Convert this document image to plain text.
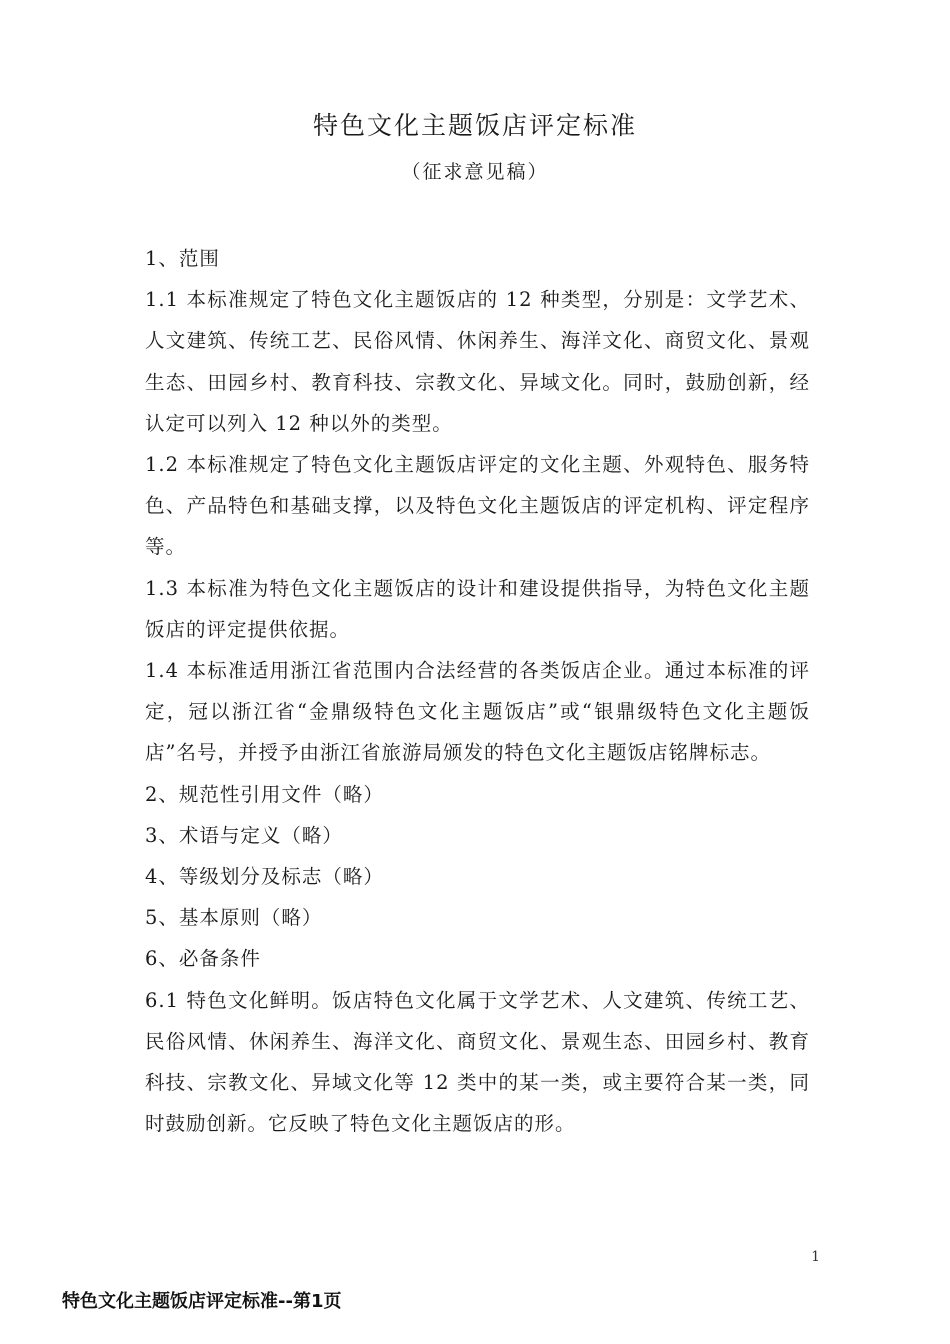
特色文化主题饭店评定标准
（征求意见稿）

1、范围

1.1 本标准规定了特色文化主题饭店的 12 种类型，分别是：文学艺术、人文建筑、传统工艺、民俗风情、休闲养生、海洋文化、商贸文化、景观生态、田园乡村、教育科技、宗教文化、异域文化。同时，鼓励创新，经认定可以列入 12 种以外的类型。

1.2 本标准规定了特色文化主题饭店评定的文化主题、外观特色、服务特色、产品特色和基础支撑，以及特色文化主题饭店的评定机构、评定程序等。

1.3 本标准为特色文化主题饭店的设计和建设提供指导，为特色文化主题饭店的评定提供依据。

1.4 本标准适用浙江省范围内合法经营的各类饭店企业。通过本标准的评定，冠以浙江省“金鼎级特色文化主题饭店”或“银鼎级特色文化主题饭店”名号，并授予由浙江省旅游局颁发的特色文化主题饭店铭牌标志。

2、规范性引用文件（略）

3、术语与定义（略）

4、等级划分及标志（略）

5、基本原则（略）

6、必备条件

6.1 特色文化鲜明。饭店特色文化属于文学艺术、人文建筑、传统工艺、民俗风情、休闲养生、海洋文化、商贸文化、景观生态、田园乡村、教育科技、宗教文化、异域文化等 12 类中的某一类，或主要符合某一类，同时鼓励创新。它反映了特色文化主题饭店的形。

1
特色文化主题饭店评定标准--第1页
